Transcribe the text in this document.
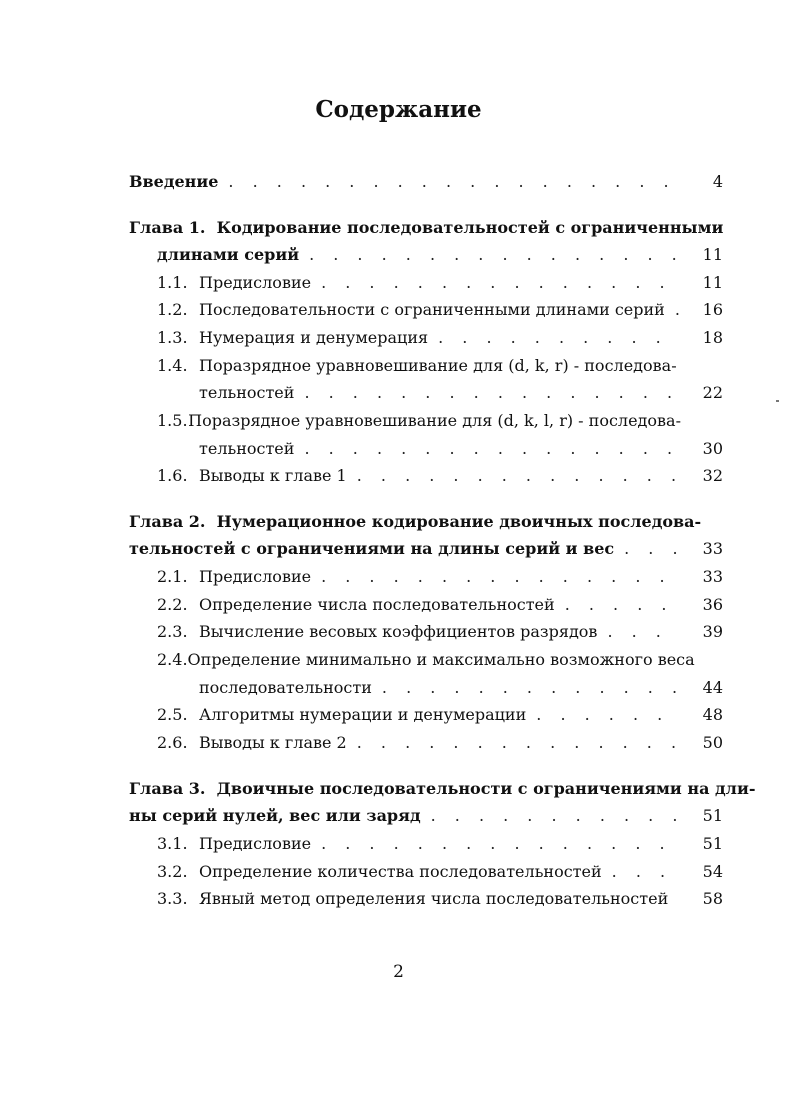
Содержание
Введение . . .	4
Глава 1.
Кодирование последовательностей с ограниченными
длинами серий . . .	11
1.1. Предисловие . . .	11
1.2. Последовательности с ограниченными длинами серий . . .	16
1.3. Нумерация и денумерация . . .	18
1.4. Поразрядное уравновешивание для (d, k, r) - последова-
тельностей . . .	22
1.5. Поразрядное уравновешивание для (d, k, l, r) - последова-
тельностей . . .	30
1.6. Выводы к главе 1 . . .	32
Глава 2.
Нумерационное кодирование двоичных последова-
тельностей с ограничениями на длины серий и вес . . .	33
2.1. Предисловие . . .	33
2.2. Определение числа последовательностей . . .	36
2.3. Вычисление весовых коэффициентов разрядов . . .	39
2.4. Определение минимально и максимально возможного веса
последовательности . . .	44
2.5. Алгоритмы нумерации и денумерации . . .	48
2.6. Выводы к главе 2 . . .	50
Глава 3.
Двоичные последовательности с ограничениями на дли-
ны серий нулей, вес или заряд . . .	51
3.1. Предисловие . . .	51
3.2. Определение количества последовательностей . . .	54
3.3. Явный метод определения числа последовательностей . . .	58
2
